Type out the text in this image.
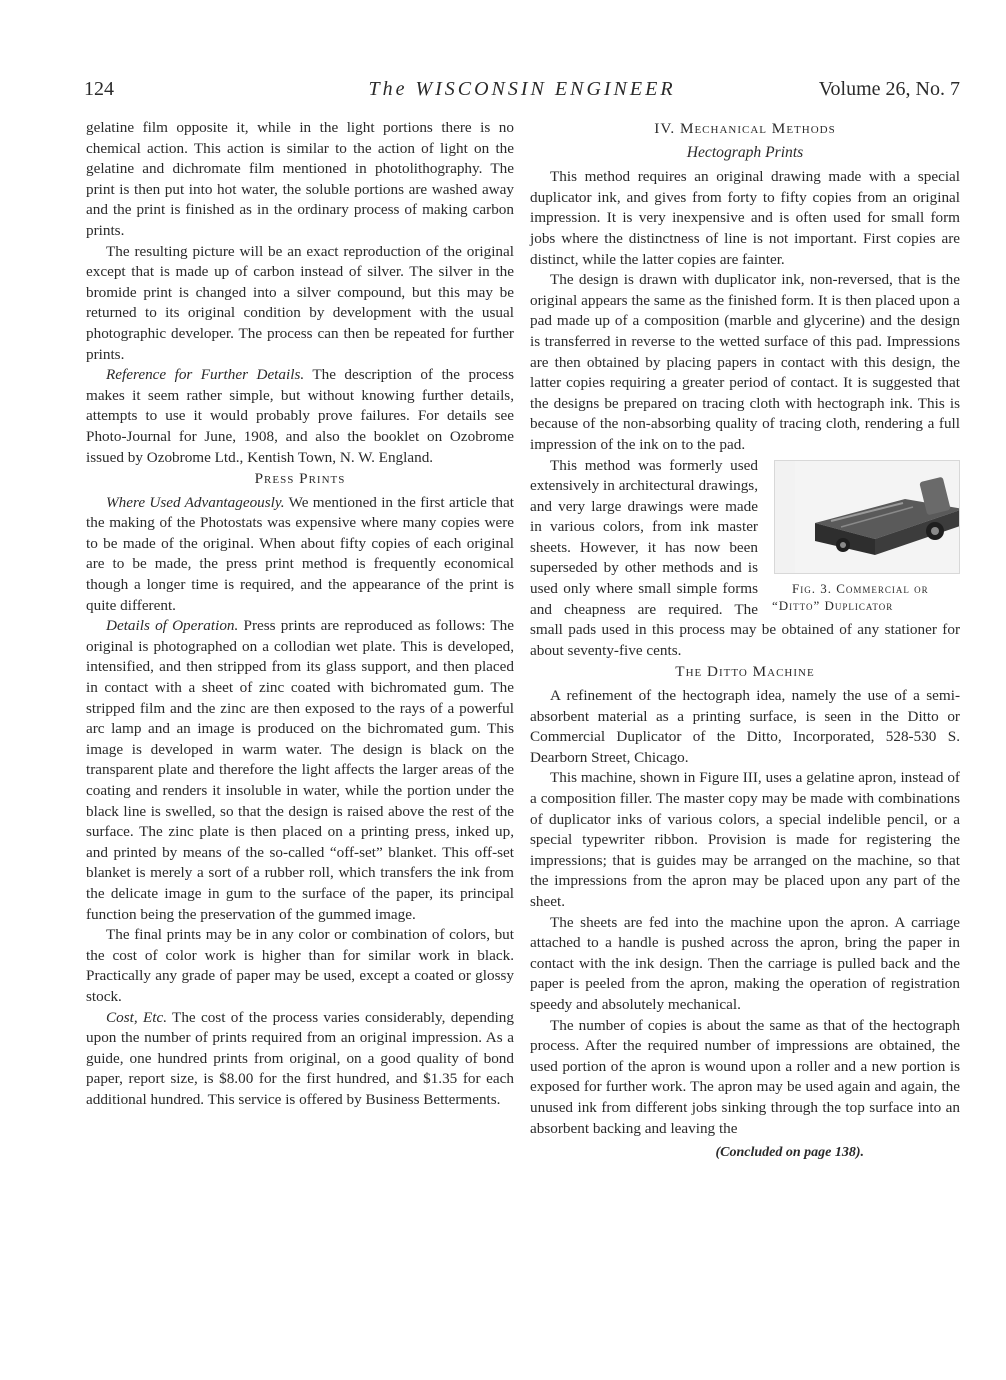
124	The WISCONSIN ENGINEER	Volume 26, No. 7

gelatine film opposite it, while in the light portions there is no chemical action. This action is similar to the action of light on the gelatine and dichromate film mentioned in photolithography. The print is then put into hot water, the soluble portions are washed away and the print is finished as in the ordinary process of making carbon prints.

The resulting picture will be an exact reproduction of the original except that is made up of carbon instead of silver. The silver in the bromide print is changed into a silver compound, but this may be returned to its original condition by development with the usual photographic developer. The process can then be repeated for further prints.

Reference for Further Details. The description of the process makes it seem rather simple, but without knowing further details, attempts to use it would probably prove failures. For details see Photo-Journal for June, 1908, and also the booklet on Ozobrome issued by Ozobrome Ltd., Kentish Town, N. W. England.

Press Prints

Where Used Advantageously. We mentioned in the first article that the making of the Photostats was expensive where many copies were to be made of the original. When about fifty copies of each original are to be made, the press print method is frequently economical though a longer time is required, and the appearance of the print is quite different.

Details of Operation. Press prints are reproduced as follows: The original is photographed on a collodian wet plate. This is developed, intensified, and then stripped from its glass support, and then placed in contact with a sheet of zinc coated with bichromated gum. The stripped film and the zinc are then exposed to the rays of a powerful arc lamp and an image is produced on the bichromated gum. This image is developed in warm water. The design is black on the transparent plate and therefore the light affects the larger areas of the coating and renders it insoluble in water, while the portion under the black line is swelled, so that the design is raised above the rest of the surface. The zinc plate is then placed on a printing press, inked up, and printed by means of the so-called “off-set” blanket. This off-set blanket is merely a sort of a rubber roll, which transfers the ink from the delicate image in gum to the surface of the paper, its principal function being the preservation of the gummed image.

The final prints may be in any color or combination of colors, but the cost of color work is higher than for similar work in black. Practically any grade of paper may be used, except a coated or glossy stock.

Cost, Etc. The cost of the process varies considerably, depending upon the number of prints required from an original impression. As a guide, one hundred prints from original, on a good quality of bond paper, report size, is $8.00 for the first hundred, and $1.35 for each additional hundred. This service is offered by Business Betterments.

IV. Mechanical Methods
Hectograph Prints

This method requires an original drawing made with a special duplicator ink, and gives from forty to fifty copies from an original impression. It is very inexpensive and is often used for small form jobs where the distinctness of line is not important. First copies are distinct, while the latter copies are fainter.

The design is drawn with duplicator ink, non-reversed, that is the original appears the same as the finished form. It is then placed upon a pad made up of a composition (marble and glycerine) and the design is transferred in reverse to the wetted surface of this pad. Impressions are then obtained by placing papers in contact with this design, the latter copies requiring a greater period of contact. It is suggested that the designs be prepared on tracing cloth with hectograph ink. This is because of the non-absorbing quality of tracing cloth, rendering a full impression of the ink on to the pad.

Fig. 3. Commercial or “Ditto” Duplicator
This method was formerly used extensively in architectural drawings, and very large drawings were made in various colors, from ink master sheets. However, it has now been superseded by other methods and is used only where small simple forms and cheapness are required. The small pads used in this process may be obtained of any stationer for about seventy-five cents.

The Ditto Machine

A refinement of the hectograph idea, namely the use of a semi-absorbent material as a printing surface, is seen in the Ditto or Commercial Duplicator of the Ditto, Incorporated, 528-530 S. Dearborn Street, Chicago.

This machine, shown in Figure III, uses a gelatine apron, instead of a composition filler. The master copy may be made with combinations of duplicator inks of various colors, a special indelible pencil, or a special typewriter ribbon. Provision is made for registering the impressions; that is guides may be arranged on the machine, so that the impressions from the apron may be placed upon any part of the sheet.

The sheets are fed into the machine upon the apron. A carriage attached to a handle is pushed across the apron, bring the paper in contact with the ink design. Then the carriage is pulled back and the paper is peeled from the apron, making the operation of registration speedy and absolutely mechanical.

The number of copies is about the same as that of the hectograph process. After the required number of impressions are obtained, the used portion of the apron is wound upon a roller and a new portion is exposed for further work. The apron may be used again and again, the unused ink from different jobs sinking through the top surface into an absorbent backing and leaving the

(Concluded on page 138).
